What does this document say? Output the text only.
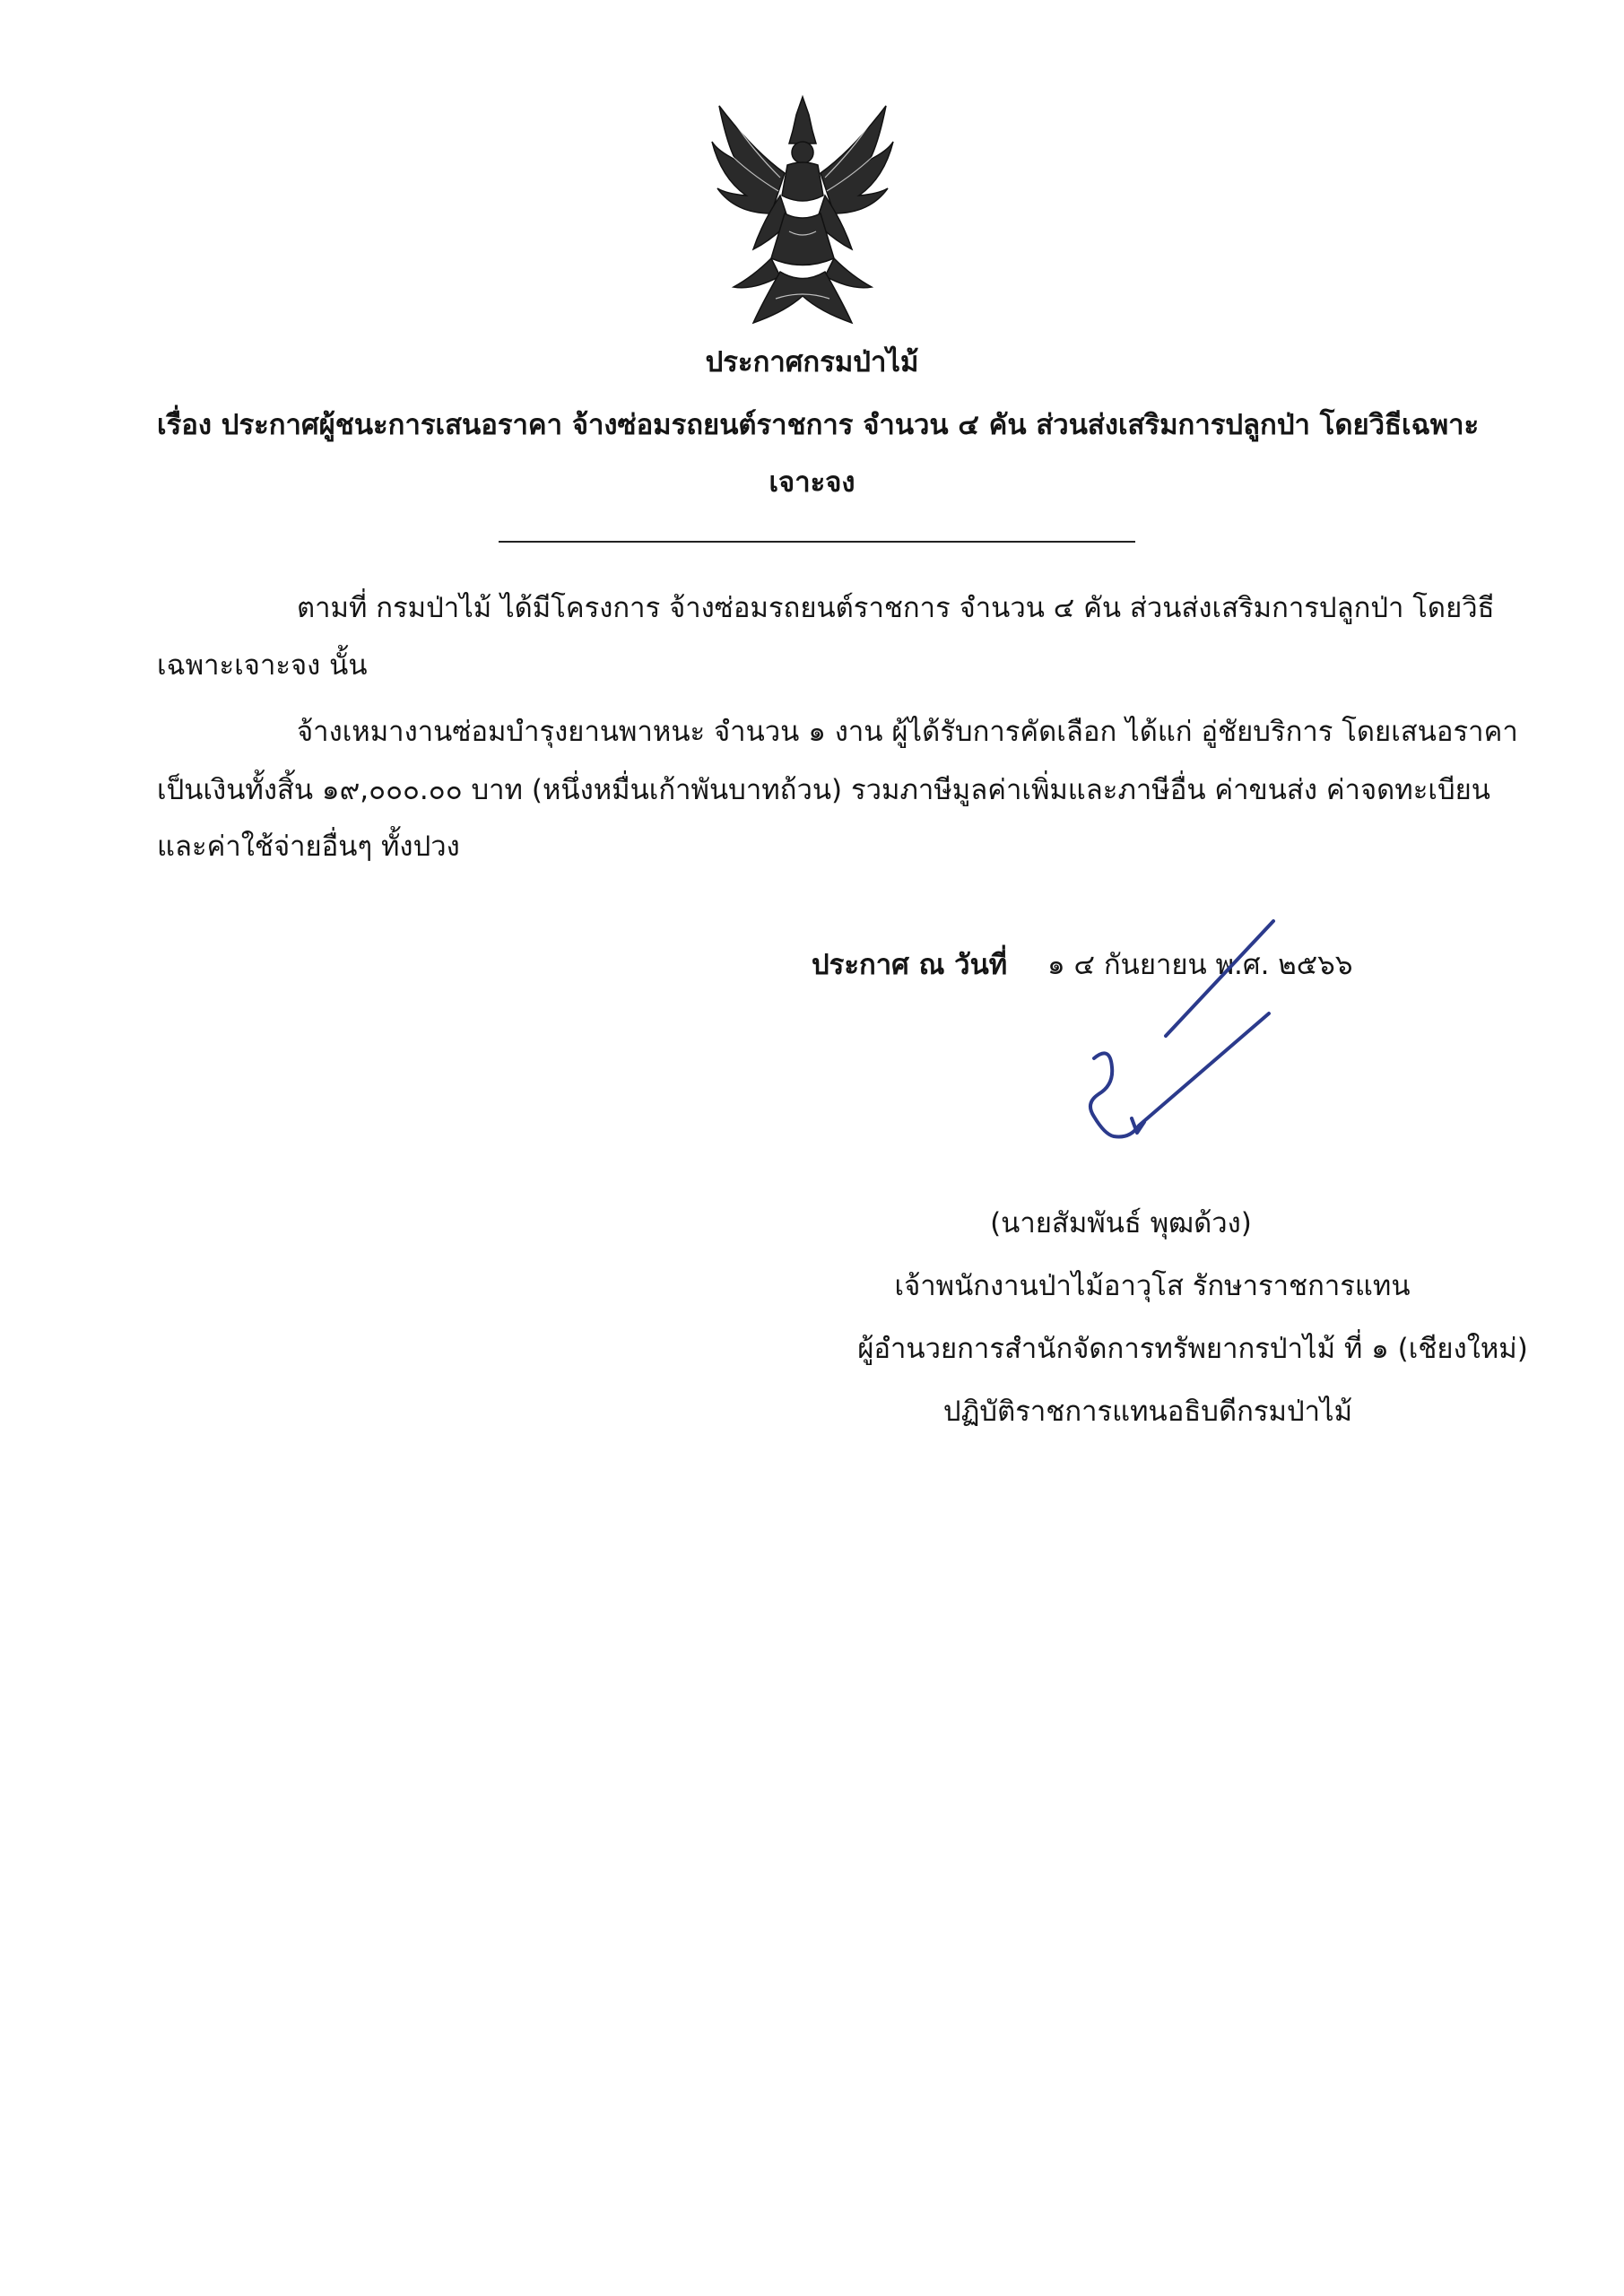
ประกาศกรมป่าไม้
เรื่อง ประกาศผู้ชนะการเสนอราคา จ้างซ่อมรถยนต์ราชการ จำนวน ๔ คัน ส่วนส่งเสริมการปลูกป่า โดยวิธีเฉพาะ
เจาะจง
ตามที่ กรมป่าไม้ ได้มีโครงการ จ้างซ่อมรถยนต์ราชการ จำนวน ๔ คัน ส่วนส่งเสริมการปลูกป่า โดยวิธี
เฉพาะเจาะจง นั้น
จ้างเหมางานซ่อมบำรุงยานพาหนะ จำนวน ๑ งาน ผู้ได้รับการคัดเลือก ได้แก่ อู่ชัยบริการ โดยเสนอราคา
เป็นเงินทั้งสิ้น ๑๙,๐๐๐.๐๐ บาท (หนึ่งหมื่นเก้าพันบาทถ้วน) รวมภาษีมูลค่าเพิ่มและภาษีอื่น ค่าขนส่ง ค่าจดทะเบียน
และค่าใช้จ่ายอื่นๆ ทั้งปวง
ประกาศ ณ วันที่ ๑ ๔ กันยายน พ.ศ. ๒๕๖๖
(นายสัมพันธ์ พุฒด้วง)
เจ้าพนักงานป่าไม้อาวุโส รักษาราชการแทน
ผู้อำนวยการสำนักจัดการทรัพยากรป่าไม้ ที่ ๑ (เชียงใหม่)
ปฏิบัติราชการแทนอธิบดีกรมป่าไม้
